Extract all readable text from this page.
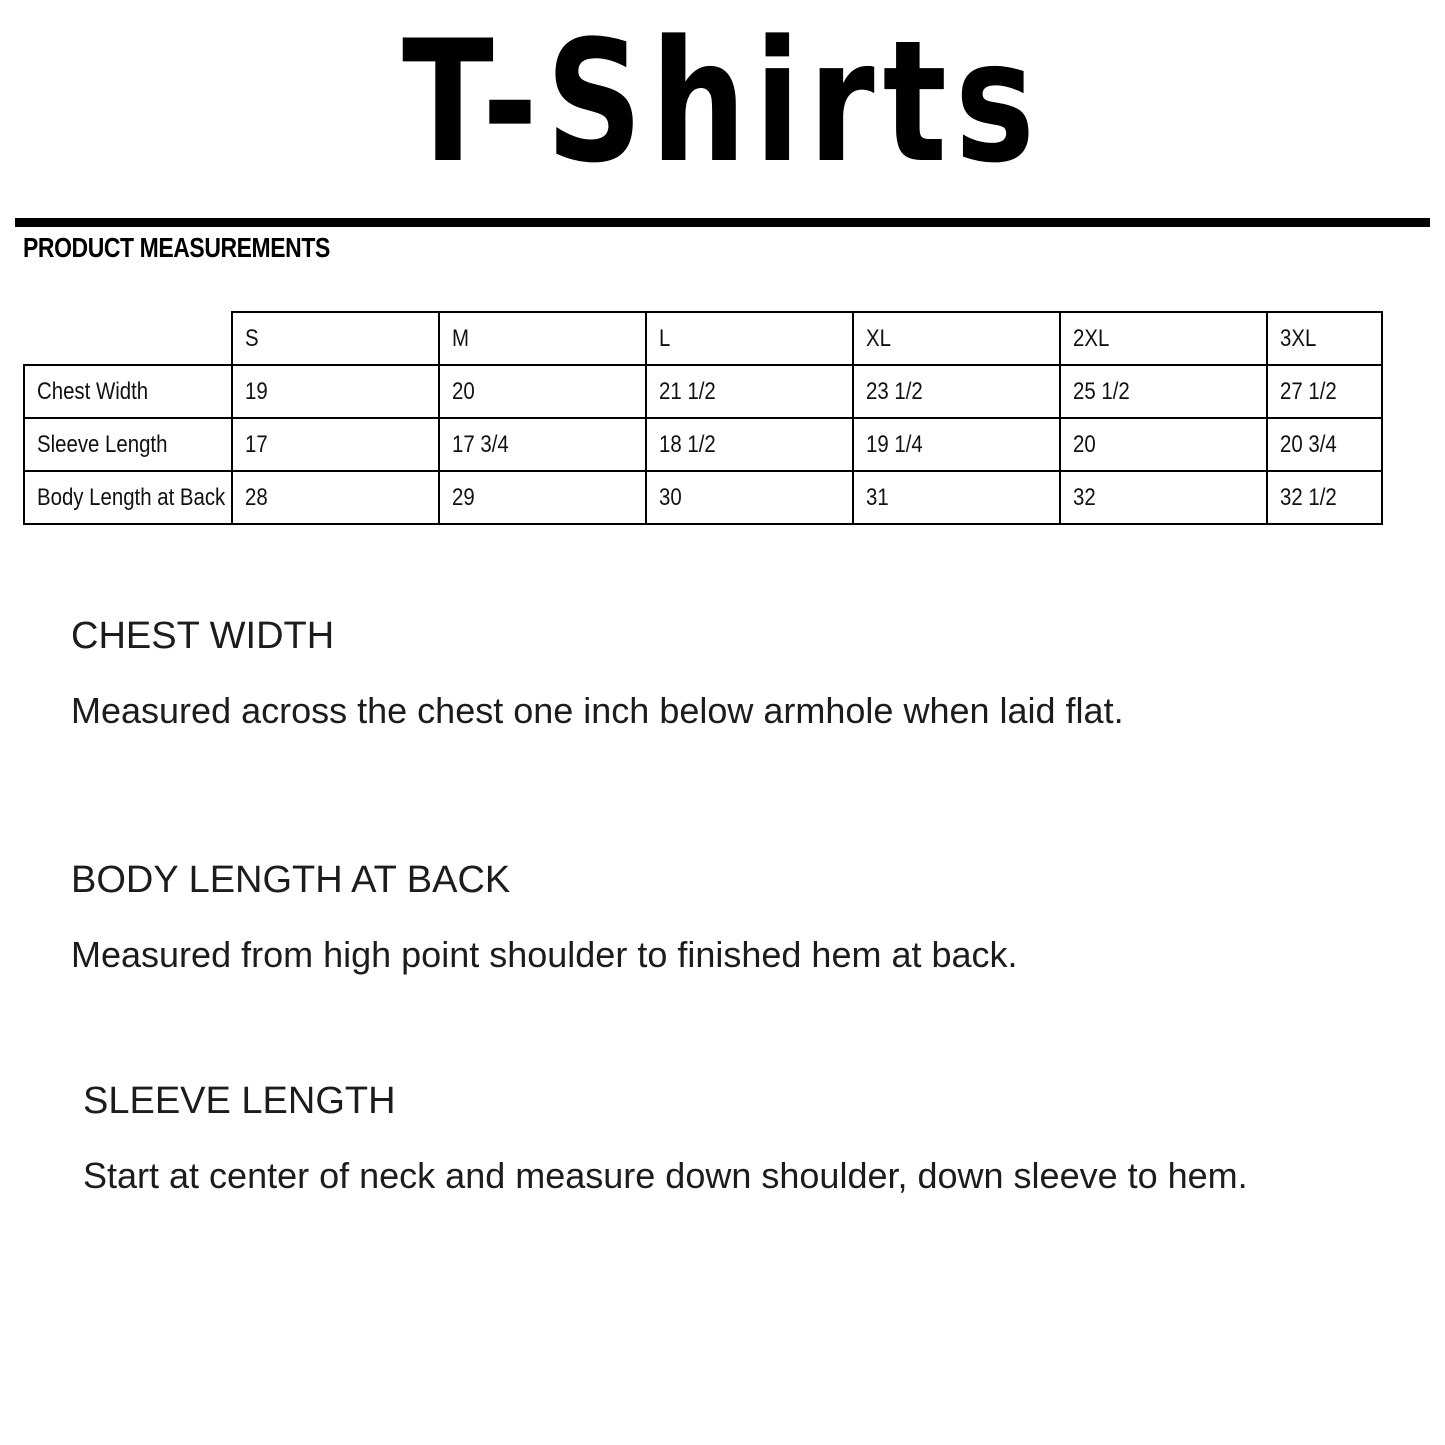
T-Shirts
PRODUCT MEASUREMENTS
	S	M	L	XL	2XL	3XL
Chest Width	19	20	21 1/2	23 1/2	25 1/2	27 1/2
Sleeve Length	17	17 3/4	18 1/2	19 1/4	20	20 3/4
Body Length at Back	28	29	30	31	32	32 1/2
CHEST WIDTH
Measured across the chest one inch below armhole when laid flat.
BODY LENGTH AT BACK
Measured from high point shoulder to finished hem at back.
SLEEVE LENGTH
Start at center of neck and measure down shoulder, down sleeve to hem.
